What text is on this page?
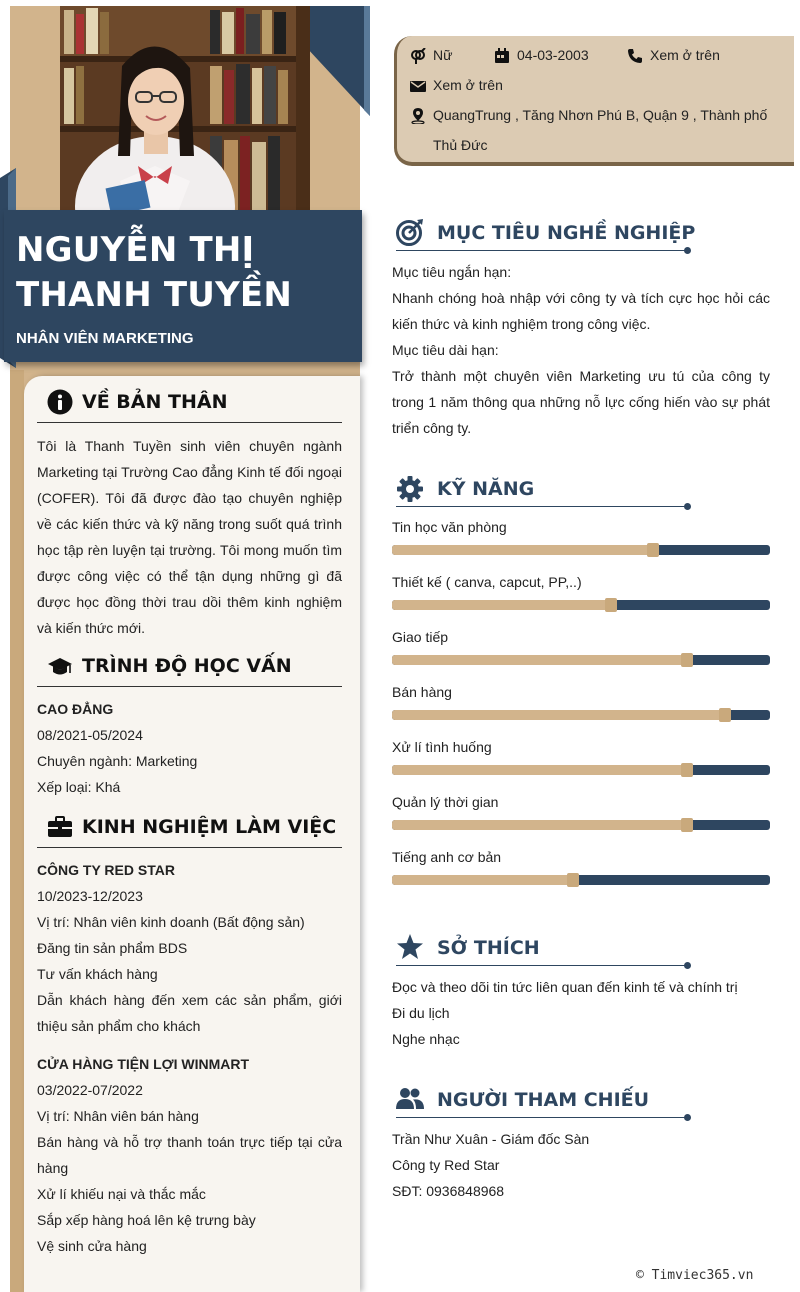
NGUYỄN THỊ THANH TUYỀN
NHÂN VIÊN MARKETING
VỀ BẢN THÂN
Tôi là Thanh Tuyền sinh viên chuyên ngành Marketing tại Trường Cao đẳng Kinh tế đối ngoại (COFER). Tôi đã được đào tạo chuyên nghiệp về các kiến thức và kỹ năng trong suốt quá trình học tập rèn luyện tại trường. Tôi mong muốn tìm được công việc có thể tận dụng những gì đã được học đồng thời trau dồi thêm kinh nghiệm và kiến thức mới.
TRÌNH ĐỘ HỌC VẤN
CAO ĐẲNG
08/2021-05/2024
Chuyên ngành: Marketing
Xếp loại: Khá
KINH NGHIỆM LÀM VIỆC
CÔNG TY RED STAR
10/2023-12/2023
Vị trí: Nhân viên kinh doanh (Bất động sản)
Đăng tin sản phẩm BDS
Tư vấn khách hàng
Dẫn khách hàng đến xem các sản phẩm, giới thiệu sản phẩm cho khách
CỬA HÀNG TIỆN LỢI WINMART
03/2022-07/2022
Vị trí: Nhân viên bán hàng
Bán hàng và hỗ trợ thanh toán trực tiếp tại cửa hàng
Xử lí khiếu nại và thắc mắc
Sắp xếp hàng hoá lên kệ trưng bày
Vệ sinh cửa hàng
Nữ	04-03-2003	Xem ở trên
Xem ở trên
QuangTrung , Tăng Nhơn Phú B, Quận 9 , Thành phố Thủ Đức
MỤC TIÊU NGHỀ NGHIỆP
Mục tiêu ngắn hạn:
Nhanh chóng hoà nhập với công ty và tích cực học hỏi các kiến thức và kinh nghiệm trong công việc.
Mục tiêu dài hạn:
Trở thành một chuyên viên Marketing ưu tú của công ty trong 1 năm thông qua những nỗ lực cống hiến vào sự phát triển công ty.
KỸ NĂNG
Tin học văn phòng
Thiết kế ( canva, capcut, PP,..)
Giao tiếp
Bán hàng
Xử lí tình huống
Quản lý thời gian
Tiếng anh cơ bản
SỞ THÍCH
Đọc và theo dõi tin tức liên quan đến kinh tế và chính trị
Đi du lịch
Nghe nhạc
NGƯỜI THAM CHIẾU
Trần Như Xuân - Giám đốc Sàn
Công ty Red Star
SĐT: 0936848968
© Timviec365.vn
